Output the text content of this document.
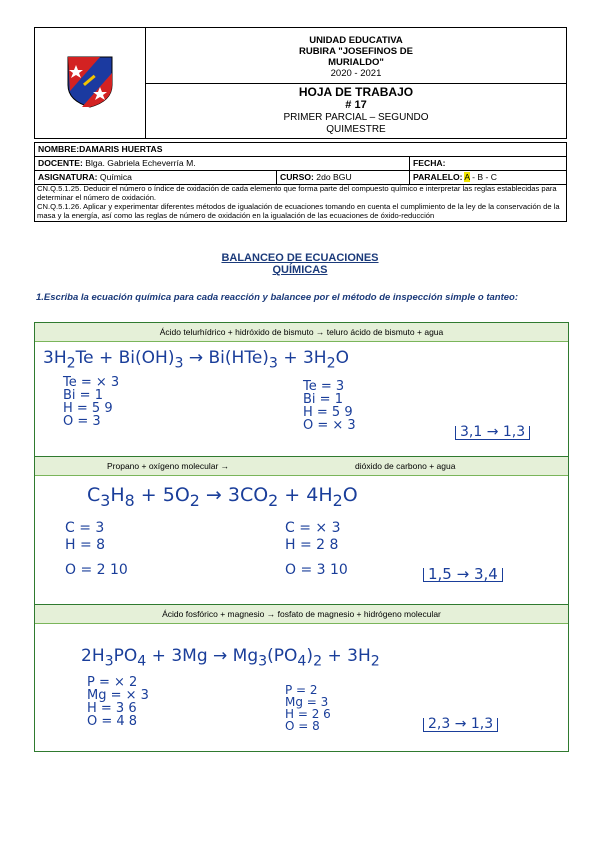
UNIDAD EDUCATIVA
RUBIRA "JOSEFINOS DE
MURIALDO"
2020 - 2021

HOJA DE TRABAJO
# 17
PRIMER PARCIAL – SEGUNDO
QUIMESTRE
NOMBRE:DAMARIS HUERTAS		
DOCENTE: Blga. Gabriela Echeverría M.		FECHA:
ASIGNATURA: Química	CURSO: 2do BGU	PARALELO: A - B - C
CN.Q.5.1.25. Deducir el número o índice de oxidación de cada elemento que forma parte del compuesto químico e interpretar las reglas establecidas para determinar el número de oxidación.
CN.Q.5.1.26. Aplicar y experimentar diferentes métodos de igualación de ecuaciones tomando en cuenta el cumplimiento de la ley de la conservación de la masa y la energía, así como las reglas de número de oxidación en la igualación de las ecuaciones de óxido-reducción
BALANCEO DE ECUACIONES
QUÍMICAS
1.Escriba la ecuación química para cada reacción y balancee por el método de inspección simple o tanteo:
Ácido telurhídrico + hidróxido de bismuto → teluro ácido de bismuto + agua
$3H_2Te + Bi(OH)_3 \to Bi(HTe)_3 + 3H_2O$
Te = × 3
Bi = 1
H = 5 9
O = 3
Te = 3
Bi = 1
H = 5 9
O = × 3	3,1 → 1,3
Propano + oxígeno molecular →	dióxido de carbono + agua
$C_3H_8 + 5O_2 \to 3CO_2 + 4H_2O$
C = 3
H = 8
O = 2 10
C = × 3
H = 2 8
O = 3 10	1,5 → 3,4
Ácido fosfórico + magnesio → fosfato de magnesio + hidrógeno molecular
$2H_3PO_4 + 3Mg \to Mg_3(PO_4)_2 + 3H_2$
P = × 2
Mg = × 3
H = 3 6
O = 4 8
P = 2
Mg = 3
H = 2 6
O = 8	2,3 → 1,3
